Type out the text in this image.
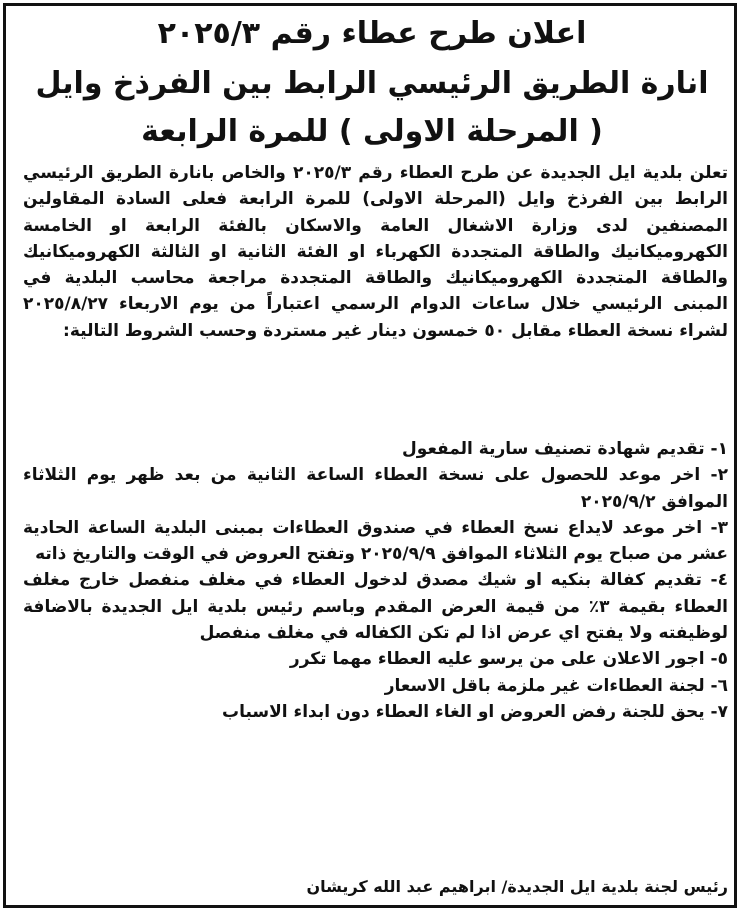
اعلان طرح عطاء رقم ٢٠٢٥/٣
انارة الطريق الرئيسي الرابط بين الفرذخ وايل
( المرحلة الاولى ) للمرة الرابعة

تعلن بلدية ايل الجديدة عن طرح العطاء رقم ٢٠٢٥/٣ والخاص بانارة الطريق الرئيسي الرابط بين الفرذخ وايل (المرحلة الاولى) للمرة الرابعة فعلى السادة المقاولين المصنفين لدى وزارة الاشغال العامة والاسكان بالفئة الرابعة او الخامسة الكهروميكانيك والطاقة المتجددة الكهرباء او الفئة الثانية او الثالثة الكهروميكانيك والطاقة المتجددة الكهروميكانيك والطاقة المتجددة مراجعة محاسب البلدية في المبنى الرئيسي خلال ساعات الدوام الرسمي اعتباراً من يوم الاربعاء ٢٠٢٥/٨/٢٧ لشراء نسخة العطاء مقابل ٥٠ خمسون دينار غير مستردة وحسب الشروط التالية:

١- تقديم شهادة تصنيف سارية المفعول

٢- اخر موعد للحصول على نسخة العطاء الساعة الثانية من بعد ظهر يوم الثلاثاء الموافق ٢٠٢٥/٩/٢

٣- اخر موعد لايداع نسخ العطاء في صندوق العطاءات بمبنى البلدية الساعة الحادية عشر من صباح يوم الثلاثاء الموافق ٢٠٢٥/٩/٩ وتفتح العروض في الوقت والتاريخ ذاته

٤- تقديم كفالة بنكيه او شيك مصدق لدخول العطاء في مغلف منفصل خارج مغلف العطاء بقيمة ٣٪ من قيمة العرض المقدم وباسم رئيس بلدية ايل الجديدة بالاضافة لوظيفته ولا يفتح اي عرض اذا لم تكن الكفاله في مغلف منفصل

٥- اجور الاعلان على من يرسو عليه العطاء مهما تكرر

٦- لجنة العطاءات غير ملزمة باقل الاسعار

٧- يحق للجنة رفض العروض او الغاء العطاء دون ابداء الاسباب

رئيس لجنة بلدية ايل الجديدة/ ابراهيم عبد الله كريشان
